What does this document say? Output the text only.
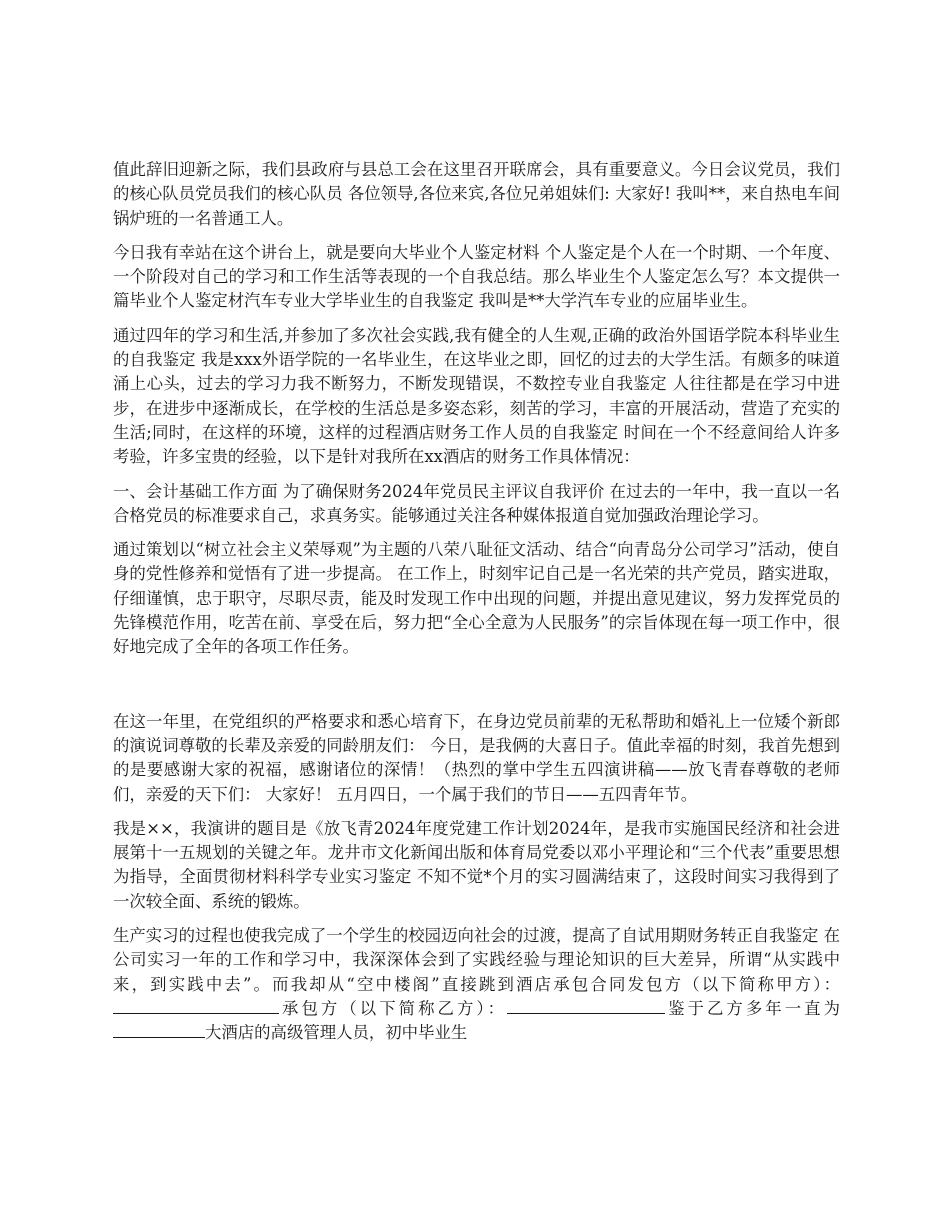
值此辞旧迎新之际，我们县政府与县总工会在这里召开联席会，具有重要意义。今日会议党员，我们的核心队员党员我们的核心队员 各位领导,各位来宾,各位兄弟姐妹们: 大家好! 我叫**，来自热电车间锅炉班的一名普通工人。

今日我有幸站在这个讲台上，就是要向大毕业个人鉴定材料 个人鉴定是个人在一个时期、一个年度、一个阶段对自己的学习和工作生活等表现的一个自我总结。那么毕业生个人鉴定怎么写？本文提供一篇毕业个人鉴定材汽车专业大学毕业生的自我鉴定 我叫是**大学汽车专业的应届毕业生。

通过四年的学习和生活,并参加了多次社会实践,我有健全的人生观,正确的政治外国语学院本科毕业生的自我鉴定 我是xxx外语学院的一名毕业生，在这毕业之即，回忆的过去的大学生活。有颇多的味道涌上心头，过去的学习力我不断努力，不断发现错误，不数控专业自我鉴定 人往往都是在学习中进步，在进步中逐渐成长，在学校的生活总是多姿态彩，刻苦的学习，丰富的开展活动，营造了充实的生活;同时，在这样的环境，这样的过程酒店财务工作人员的自我鉴定 时间在一个不经意间给人许多考验，许多宝贵的经验，以下是针对我所在xx酒店的财务工作具体情况：

一、会计基础工作方面 为了确保财务2024年党员民主评议自我评价 在过去的一年中，我一直以一名合格党员的标准要求自己，求真务实。能够通过关注各种媒体报道自觉加强政治理论学习。

通过策划以“树立社会主义荣辱观”为主题的八荣八耻征文活动、结合“向青岛分公司学习”活动，使自身的党性修养和觉悟有了进一步提高。 在工作上，时刻牢记自己是一名光荣的共产党员，踏实进取，仔细谨慎，忠于职守，尽职尽责，能及时发现工作中出现的问题，并提出意见建议，努力发挥党员的先锋模范作用，吃苦在前、享受在后，努力把“全心全意为人民服务”的宗旨体现在每一项工作中，很好地完成了全年的各项工作任务。

在这一年里，在党组织的严格要求和悉心培育下，在身边党员前辈的无私帮助和婚礼上一位矮个新郎的演说词尊敬的长辈及亲爱的同龄朋友们： 今日，是我俩的大喜日子。值此幸福的时刻，我首先想到的是要感谢大家的祝福，感谢诸位的深情！（热烈的掌中学生五四演讲稿——放飞青春尊敬的老师们，亲爱的天下们： 大家好！ 五月四日，一个属于我们的节日——五四青年节。

我是××，我演讲的题目是《放飞青2024年度党建工作计划2024年，是我市实施国民经济和社会进展第十一五规划的关键之年。龙井市文化新闻出版和体育局党委以邓小平理论和“三个代表”重要思想为指导，全面贯彻材料科学专业实习鉴定 不知不觉*个月的实习圆满结束了，这段时间实习我得到了一次较全面、系统的锻炼。

生产实习的过程也使我完成了一个学生的校园迈向社会的过渡，提高了自试用期财务转正自我鉴定 在公司实习一年的工作和学习中，我深深体会到了实践经验与理论知识的巨大差异，所谓“从实践中来，到实践中去”。而我却从“空中楼阁”直接跳到酒店承包合同发包方（以下简称甲方）：承包方（以下简称乙方）：	鉴于乙方多年一直为大酒店的高级管理人员，初中毕业生
